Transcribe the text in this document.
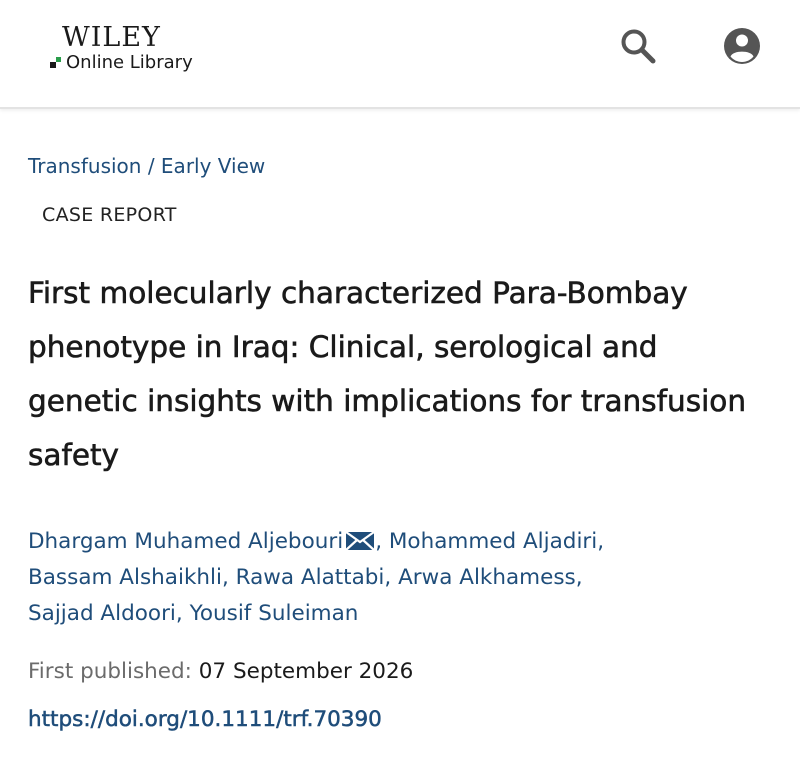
WILEY
Online Library
Transfusion / Early View
CASE REPORT
First molecularly characterized Para-Bombay phenotype in Iraq: Clinical, serological and genetic insights with implications for transfusion safety
Dhargam Muhamed Aljebouri , Mohammed Aljadiri,
Bassam Alshaikhli, Rawa Alattabi, Arwa Alkhamess,
Sajjad Aldoori, Yousif Suleiman
First published: 07 September 2026
https://doi.org/10.1111/trf.70390
